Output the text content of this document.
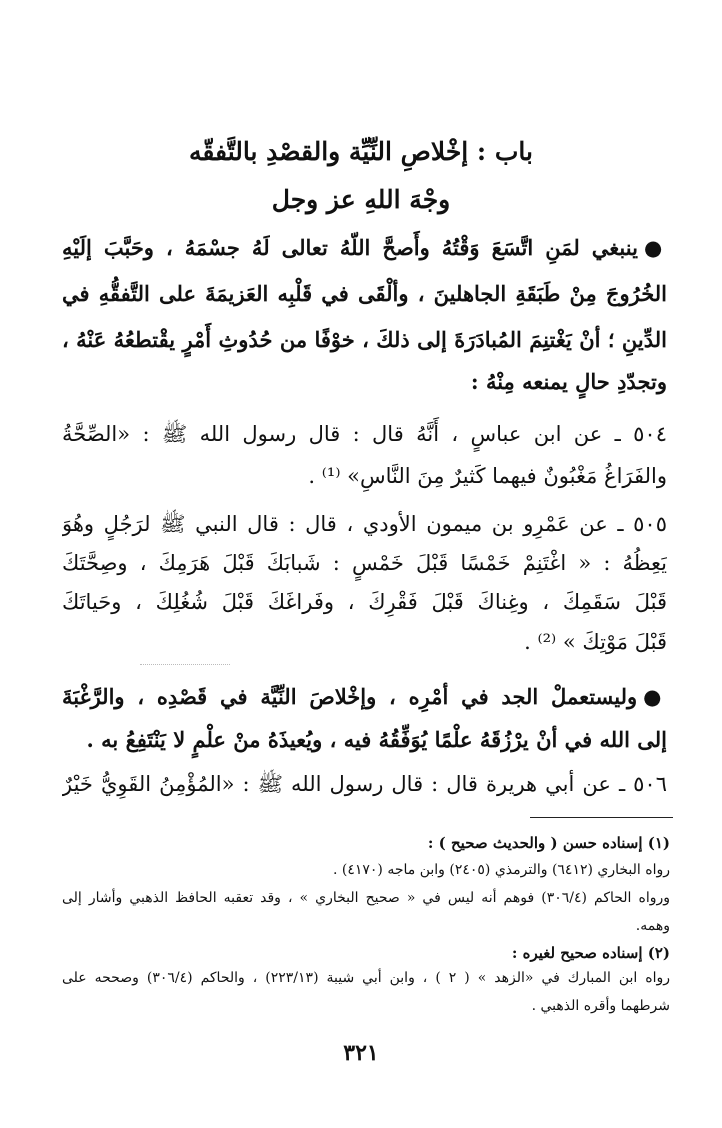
باب : إخْلاصِ النِّيِّة والقصْدِ بالتَّفقّه
وجْهَ اللهِ عز وجل
●ينبغي لمَنِ اتَّسَعَ وَقْتُهُ وأَصحَّ اللّهُ تعالى لَهُ جسْمَهُ ، وحَبَّبَ إلَيْهِ
الخُرُوجَ مِنْ طَبَقَةِ الجاهلينَ ، وألْقَى في قَلْبِه العَزيمَةَ على التَّفقُّهِ في
الدِّينِ ؛ أنْ يَغْتنِمَ المُبادَرَةَ إلى ذلكَ ، خوْفًا من حُدُوثِ أَمْرٍ يقْتطعُهُ عَنْهُ ،
وتجدّدِ حالٍ يمنعه مِنْهُ :
٥٠٤ ـ عن ابن عباسٍ ، أَنَّهُ قال : قال رسول الله ﷺ : «الصِّحَّةُ
والفَرَاغُ مَغْبُونٌ فيهما كَثيرٌ مِنَ النَّاسِ» ⁽¹⁾ .
٥٠٥ ـ عن عَمْرِو بن ميمون الأودي ، قال : قال النبي ﷺ لرَجُلٍ وهُوَ
يَعِظُهُ : « اغْتَنِمْ خَمْسًا قَبْلَ خَمْسٍ : شَبابَكَ قَبْلَ هَرَمِكَ ، وصِحَّتَكَ
قَبْلَ سَقَمِكَ ، وغِناكَ قَبْلَ فَقْرِكَ ، وفَراغَكَ قَبْلَ شُغُلِكَ ، وحَياتَكَ
قَبْلَ مَوْتِكَ » ⁽²⁾ .
●وليستعملْ الجد في أمْرِه ، وإخْلاصَ النِّيَّة في قَصْدِه ، والرَّغْبَةَ
إلى الله في أنْ يرْزُقَهُ علْمًا يُوَفِّقُهُ فيه ، ويُعيذَهُ منْ علْمٍ لا يَنْتَفِعُ به .
٥٠٦ ـ عن أبي هريرة قال : قال رسول الله ﷺ : «المُؤْمِنُ القَوِيُّ خَيْرٌ
(١) إسناده حسن ( والحديث صحيح ) :
رواه البخاري (٦٤١٢) والترمذي (٢٤٠٥) وابن ماجه (٤١٧٠) .
ورواه الحاكم (٣٠٦/٤) فوهم أنه ليس في « صحيح البخاري » ، وقد تعقبه الحافظ الذهبي وأشار إلى
وهمه.
(٢) إسناده صحيح لغيره :
رواه ابن المبارك في «الزهد » ( ٢ ) ، وابن أبي شيبة (٢٢٣/١٣) ، والحاكم (٣٠٦/٤) وصححه على
شرطهما وأقره الذهبي .
٣٢١
